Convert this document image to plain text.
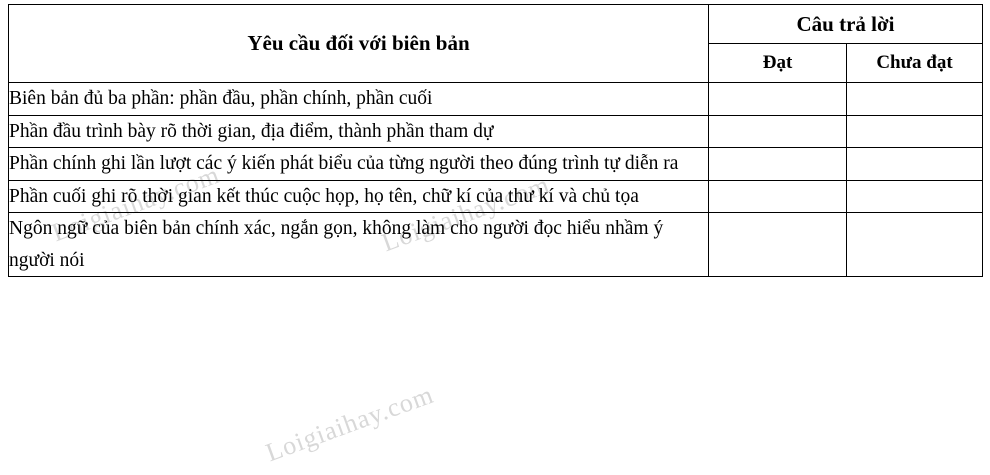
Loigiaihay.com	Loigiaihay.com
Loigiaihay.com
Yêu cầu đối với biên bản	Câu trả lời	
	Đạt	Chưa đạt
Biên bản đủ ba phần: phần đầu, phần chính, phần cuối		
Phần đầu trình bày rõ thời gian, địa điểm, thành phần tham dự		
Phần chính ghi lần lượt các ý kiến phát biểu của từng người theo đúng trình tự diễn ra		
Phần cuối ghi rõ thời gian kết thúc cuộc họp, họ tên, chữ kí của thư kí và chủ tọa		
Ngôn ngữ của biên bản chính xác, ngắn gọn, không làm cho người đọc hiểu nhầm ý người nói		
